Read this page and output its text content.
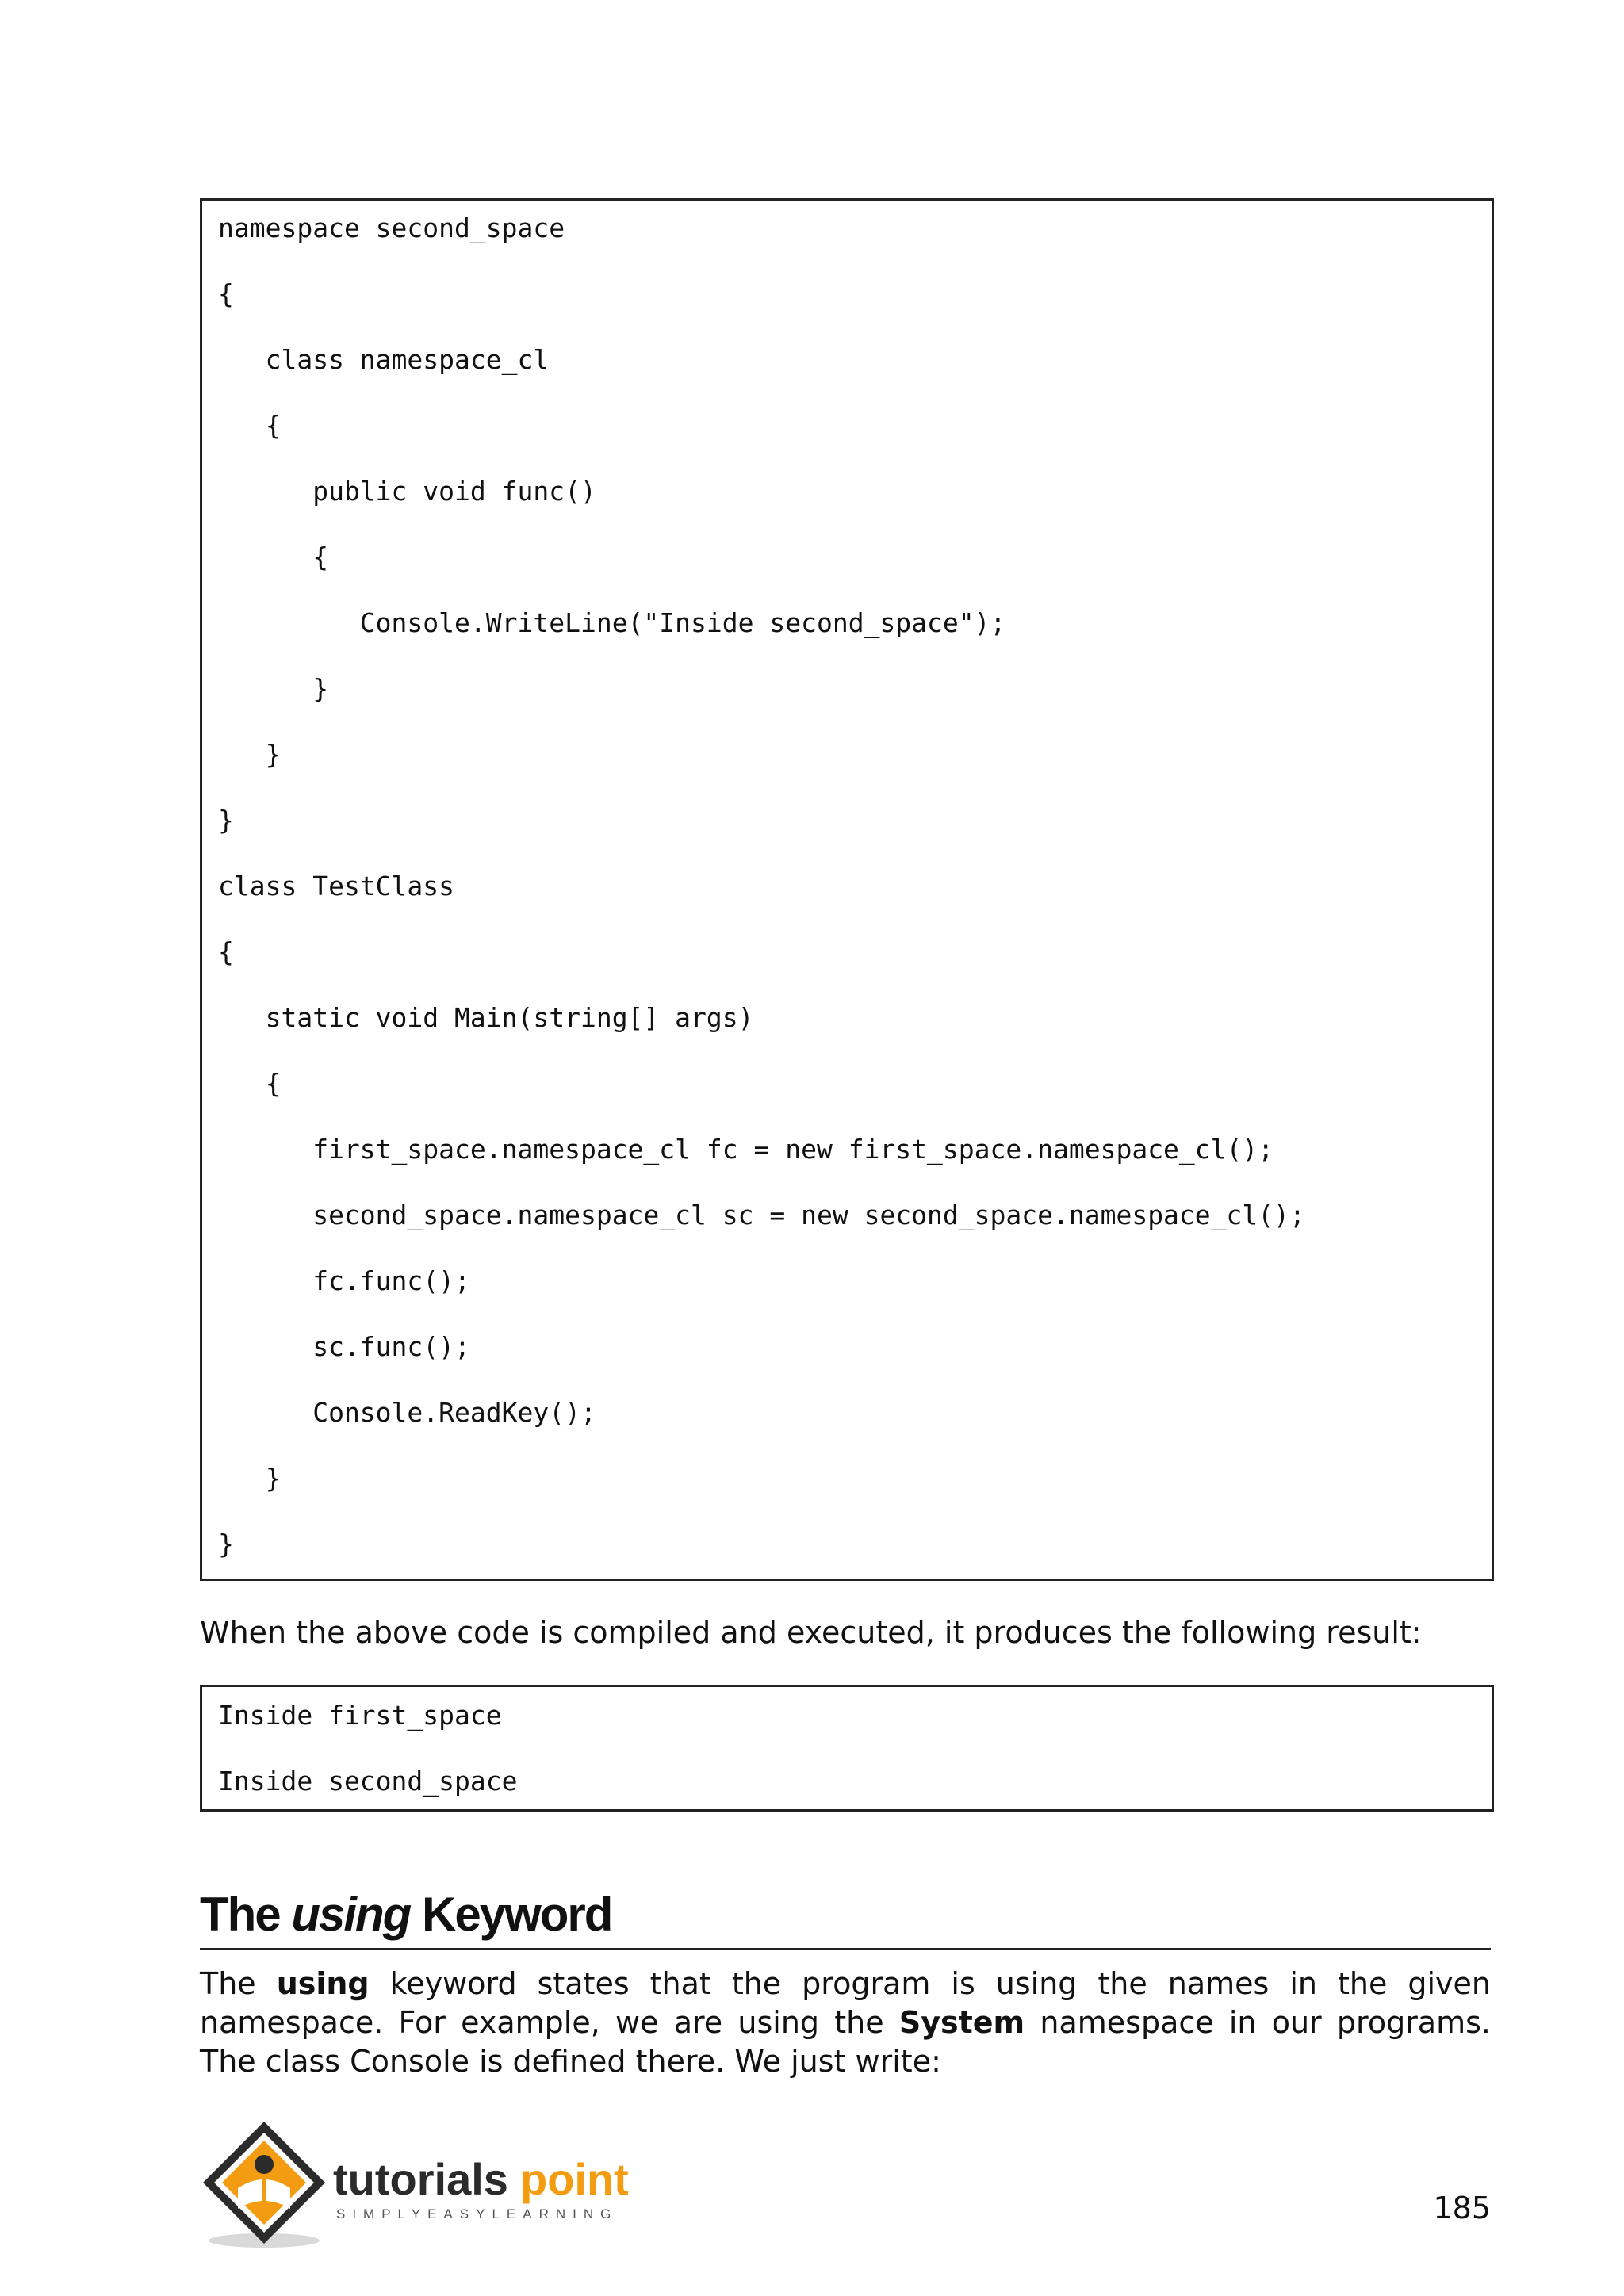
namespace second_space
{
class namespace_cl
{
public void func()
{
Console.WriteLine("Inside second_space");
}
}
}
class TestClass
{
static void Main(string[] args)
{
first_space.namespace_cl fc = new first_space.namespace_cl();
second_space.namespace_cl sc = new second_space.namespace_cl();
fc.func();
sc.func();
Console.ReadKey();
}
}
When the above code is compiled and executed, it produces the following result:
Inside first_space
Inside second_space
The using Keyword
The using keyword states that the program is using the names in the given namespace. For example, we are using the System namespace in our programs. The class Console is defined there. We just write:
tutorials point
SIMPLYEASYLEARNING	185
